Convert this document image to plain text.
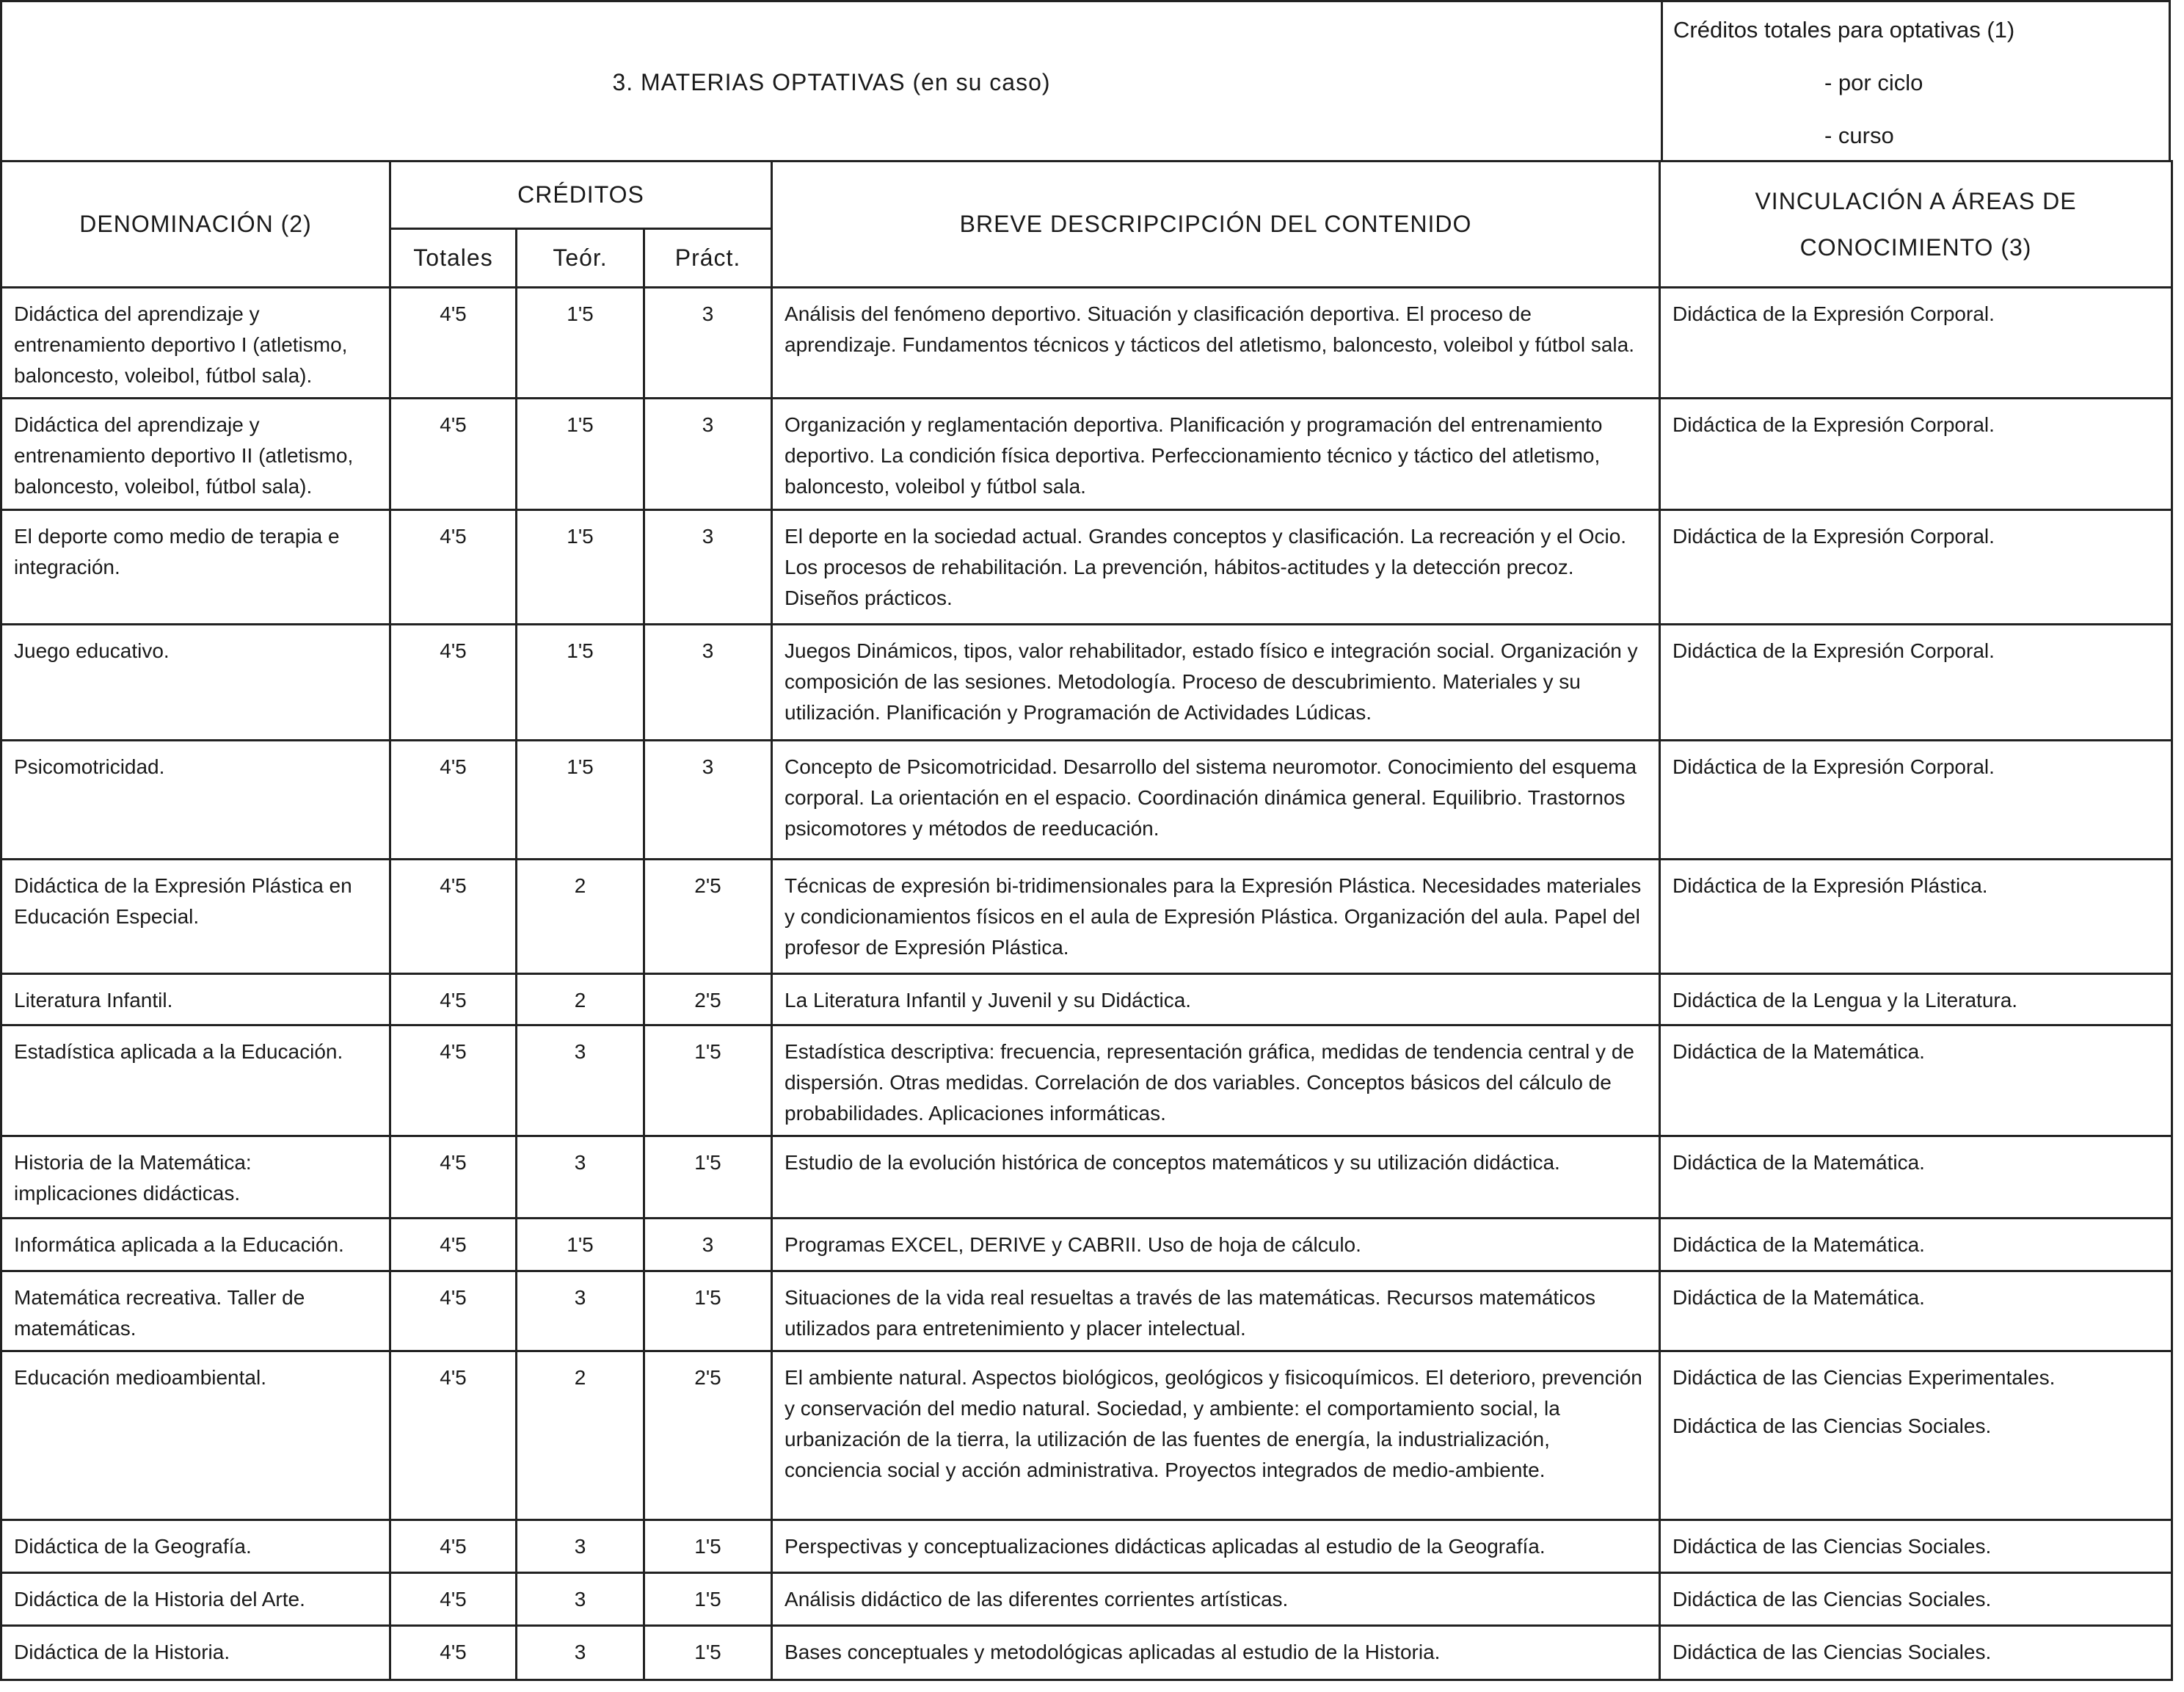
3. MATERIAS OPTATIVAS (en su caso)
Créditos totales para optativas (1)
- por ciclo
- curso
DENOMINACIÓN (2)	CRÉDITOS			BREVE DESCRIPCIPCIÓN DEL CONTENIDO	VINCULACIÓN A ÁREAS DE
CONOCIMIENTO (3)

	Totales	Teór.	Práct.		
Didáctica del aprendizaje y entrenamiento deportivo I (atletismo, baloncesto, voleibol, fútbol sala).	4'5	1'5	3	Análisis del fenómeno deportivo. Situación y clasificación deportiva. El proceso de aprendizaje. Fundamentos técnicos y tácticos del atletismo, baloncesto, voleibol y fútbol sala.	Didáctica de la Expresión Corporal.

Didáctica del aprendizaje y entrenamiento deportivo II (atletismo, baloncesto, voleibol, fútbol sala).	4'5	1'5	3	Organización y reglamentación deportiva. Planificación y programación del entrenamiento deportivo. La condición física deportiva. Perfeccionamiento técnico y táctico del atletismo, baloncesto, voleibol y fútbol sala.	Didáctica de la Expresión Corporal.

El deporte como medio de terapia e integración.	4'5	1'5	3	El deporte en la sociedad actual. Grandes conceptos y clasificación. La recreación y el Ocio. Los procesos de rehabilitación. La prevención, hábitos-actitudes y la detección precoz. Diseños prácticos.	Didáctica de la Expresión Corporal.

Juego educativo.	4'5	1'5	3	Juegos Dinámicos, tipos, valor rehabilitador, estado físico e integración social. Organización y composición de las sesiones. Metodología. Proceso de descubrimiento. Materiales y su utilización. Planificación y Programación de Actividades Lúdicas.	Didáctica de la Expresión Corporal.

Psicomotricidad.	4'5	1'5	3	Concepto de Psicomotricidad. Desarrollo del sistema neuromotor. Conocimiento del esquema corporal. La orientación en el espacio. Coordinación dinámica general. Equilibrio. Trastornos psicomotores y métodos de reeducación.	Didáctica de la Expresión Corporal.

Didáctica de la Expresión Plástica en Educación Especial.	4'5	2	2'5	Técnicas de expresión bi-tridimensionales para la Expresión Plástica. Necesidades materiales y condicionamientos físicos en el aula de Expresión Plástica. Organización del aula. Papel del profesor de Expresión Plástica.	Didáctica de la Expresión Plástica.

Literatura Infantil.	4'5	2	2'5	La Literatura Infantil y Juvenil y su Didáctica.	Didáctica de la Lengua y la Literatura.

Estadística aplicada a la Educación.	4'5	3	1'5	Estadística descriptiva: frecuencia, representación gráfica, medidas de tendencia central y de dispersión. Otras medidas. Correlación de dos variables. Conceptos básicos del cálculo de probabilidades. Aplicaciones informáticas.	Didáctica de la Matemática.

Historia de la Matemática: implicaciones didácticas.	4'5	3	1'5	Estudio de la evolución histórica de conceptos matemáticos y su utilización didáctica.	Didáctica de la Matemática.

Informática aplicada a la Educación.	4'5	1'5	3	Programas EXCEL, DERIVE y CABRII. Uso de hoja de cálculo.	Didáctica de la Matemática.

Matemática recreativa. Taller de matemáticas.	4'5	3	1'5	Situaciones de la vida real resueltas a través de las matemáticas. Recursos matemáticos utilizados para entretenimiento y placer intelectual.	Didáctica de la Matemática.

Educación medioambiental.	4'5	2	2'5	El ambiente natural. Aspectos biológicos, geológicos y fisicoquímicos. El deterioro, prevención y conservación del medio natural. Sociedad, y ambiente: el comportamiento social, la urbanización de la tierra, la utilización de las fuentes de energía, la industrialización, conciencia social y acción administrativa. Proyectos integrados de medio-ambiente.	Didáctica de las Ciencias Experimentales.
Didáctica de las Ciencias Sociales.

Didáctica de la Geografía.	4'5	3	1'5	Perspectivas y conceptualizaciones didácticas aplicadas al estudio de la Geografía.	Didáctica de las Ciencias Sociales.

Didáctica de la Historia del Arte.	4'5	3	1'5	Análisis didáctico de las diferentes corrientes artísticas.	Didáctica de las Ciencias Sociales.

Didáctica de la Historia.	4'5	3	1'5	Bases conceptuales y metodológicas aplicadas al estudio de la Historia.	Didáctica de las Ciencias Sociales.
